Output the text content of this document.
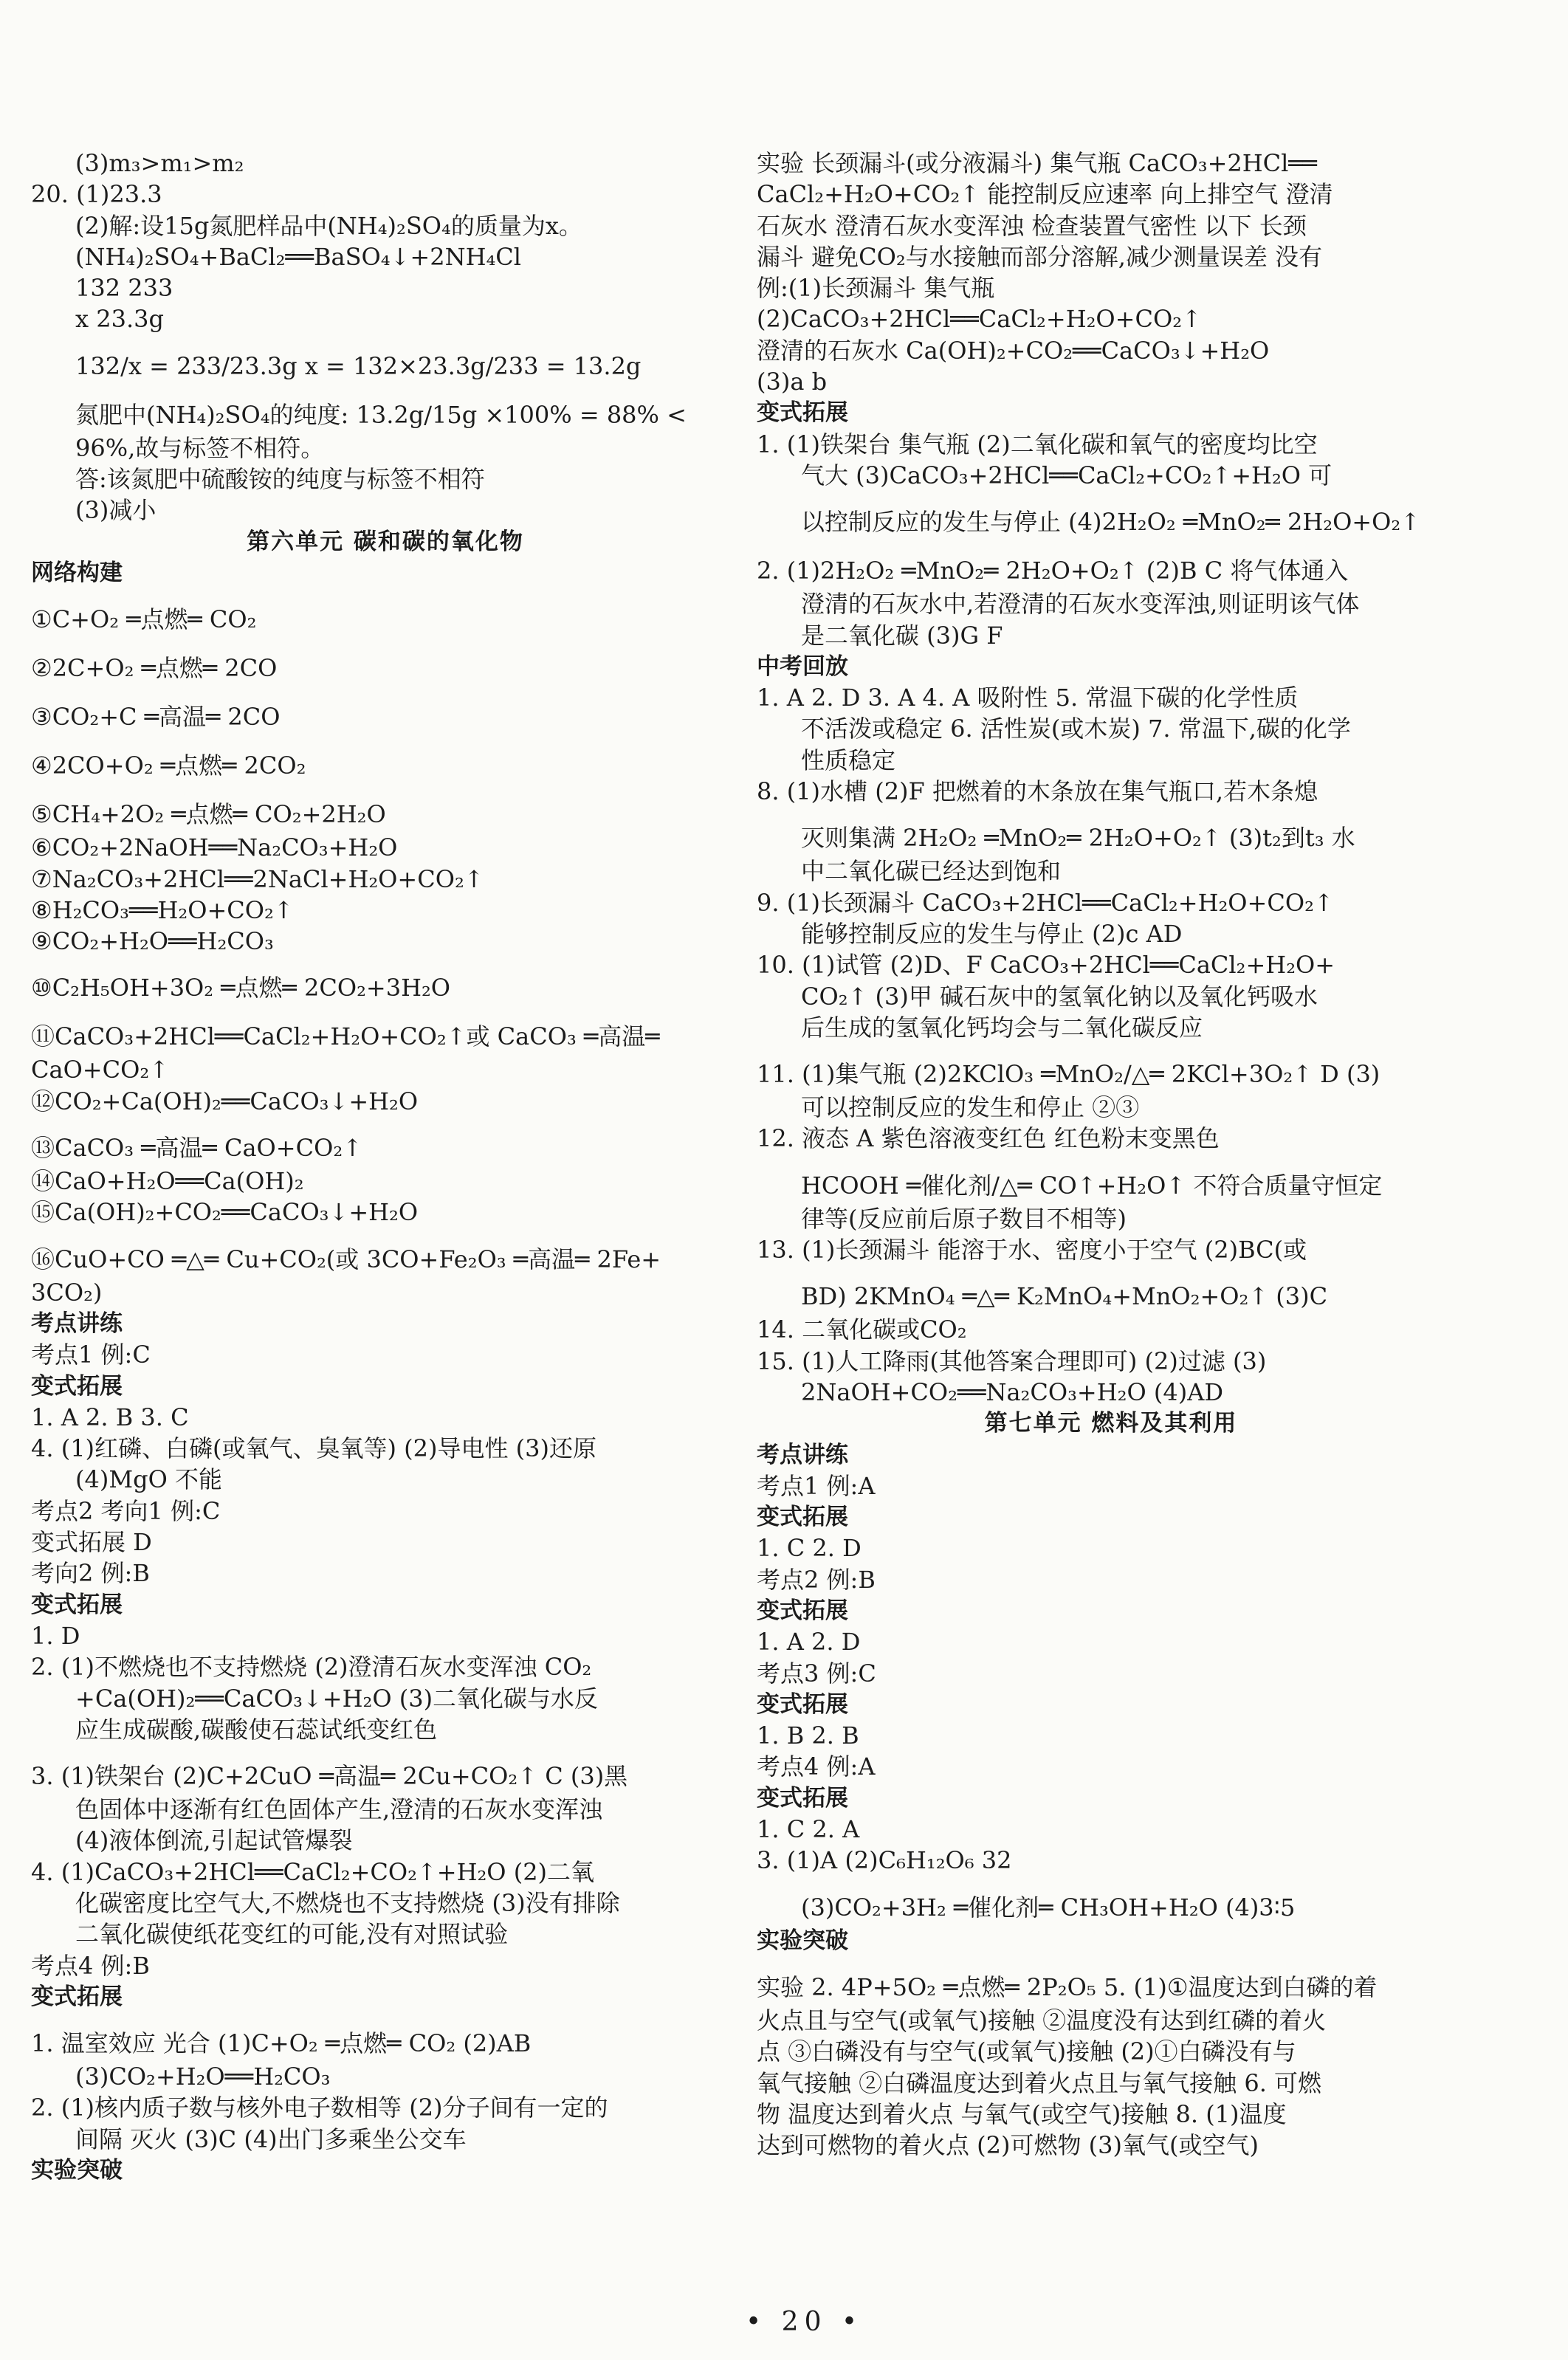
(3)m₃>m₁>m₂
20. (1)23.3
(2)解:设15g氮肥样品中(NH₄)₂SO₄的质量为x。
(NH₄)₂SO₄+BaCl₂══BaSO₄↓+2NH₄Cl
132 233
x 23.3g
132/x = 233/23.3g x = 132×23.3g/233 = 13.2g
氮肥中(NH₄)₂SO₄的纯度: 13.2g/15g ×100% = 88% <
96%,故与标签不相符。
答:该氮肥中硫酸铵的纯度与标签不相符
(3)减小
第六单元 碳和碳的氧化物
网络构建
①C+O₂ ═点燃═ CO₂
②2C+O₂ ═点燃═ 2CO
③CO₂+C ═高温═ 2CO
④2CO+O₂ ═点燃═ 2CO₂
⑤CH₄+2O₂ ═点燃═ CO₂+2H₂O
⑥CO₂+2NaOH══Na₂CO₃+H₂O
⑦Na₂CO₃+2HCl══2NaCl+H₂O+CO₂↑
⑧H₂CO₃══H₂O+CO₂↑
⑨CO₂+H₂O══H₂CO₃
⑩C₂H₅OH+3O₂ ═点燃═ 2CO₂+3H₂O
⑪CaCO₃+2HCl══CaCl₂+H₂O+CO₂↑或 CaCO₃ ═高温═
CaO+CO₂↑
⑫CO₂+Ca(OH)₂══CaCO₃↓+H₂O
⑬CaCO₃ ═高温═ CaO+CO₂↑
⑭CaO+H₂O══Ca(OH)₂
⑮Ca(OH)₂+CO₂══CaCO₃↓+H₂O
⑯CuO+CO ═△═ Cu+CO₂(或 3CO+Fe₂O₃ ═高温═ 2Fe+
3CO₂)
考点讲练
考点1 例:C
变式拓展
1. A 2. B 3. C
4. (1)红磷、白磷(或氧气、臭氧等) (2)导电性 (3)还原
(4)MgO 不能
考点2 考向1 例:C
变式拓展 D
考向2 例:B
变式拓展
1. D
2. (1)不燃烧也不支持燃烧 (2)澄清石灰水变浑浊 CO₂
+Ca(OH)₂══CaCO₃↓+H₂O (3)二氧化碳与水反
应生成碳酸,碳酸使石蕊试纸变红色
3. (1)铁架台 (2)C+2CuO ═高温═ 2Cu+CO₂↑ C (3)黑
色固体中逐渐有红色固体产生,澄清的石灰水变浑浊
(4)液体倒流,引起试管爆裂
4. (1)CaCO₃+2HCl══CaCl₂+CO₂↑+H₂O (2)二氧
化碳密度比空气大,不燃烧也不支持燃烧 (3)没有排除
二氧化碳使纸花变红的可能,没有对照试验
考点4 例:B
变式拓展
1. 温室效应 光合 (1)C+O₂ ═点燃═ CO₂ (2)AB
(3)CO₂+H₂O══H₂CO₃
2. (1)核内质子数与核外电子数相等 (2)分子间有一定的
间隔 灭火 (3)C (4)出门多乘坐公交车
实验突破
实验 长颈漏斗(或分液漏斗) 集气瓶 CaCO₃+2HCl══
CaCl₂+H₂O+CO₂↑ 能控制反应速率 向上排空气 澄清
石灰水 澄清石灰水变浑浊 检查装置气密性 以下 长颈
漏斗 避免CO₂与水接触而部分溶解,减少测量误差 没有
例:(1)长颈漏斗 集气瓶
(2)CaCO₃+2HCl══CaCl₂+H₂O+CO₂↑
澄清的石灰水 Ca(OH)₂+CO₂══CaCO₃↓+H₂O
(3)a b
变式拓展
1. (1)铁架台 集气瓶 (2)二氧化碳和氧气的密度均比空
气大 (3)CaCO₃+2HCl══CaCl₂+CO₂↑+H₂O 可
以控制反应的发生与停止 (4)2H₂O₂ ═MnO₂═ 2H₂O+O₂↑
2. (1)2H₂O₂ ═MnO₂═ 2H₂O+O₂↑ (2)B C 将气体通入
澄清的石灰水中,若澄清的石灰水变浑浊,则证明该气体
是二氧化碳 (3)G F
中考回放
1. A 2. D 3. A 4. A 吸附性 5. 常温下碳的化学性质
不活泼或稳定 6. 活性炭(或木炭) 7. 常温下,碳的化学
性质稳定
8. (1)水槽 (2)F 把燃着的木条放在集气瓶口,若木条熄
灭则集满 2H₂O₂ ═MnO₂═ 2H₂O+O₂↑ (3)t₂到t₃ 水
中二氧化碳已经达到饱和
9. (1)长颈漏斗 CaCO₃+2HCl══CaCl₂+H₂O+CO₂↑
能够控制反应的发生与停止 (2)c AD
10. (1)试管 (2)D、F CaCO₃+2HCl══CaCl₂+H₂O+
CO₂↑ (3)甲 碱石灰中的氢氧化钠以及氧化钙吸水
后生成的氢氧化钙均会与二氧化碳反应
11. (1)集气瓶 (2)2KClO₃ ═MnO₂/△═ 2KCl+3O₂↑ D (3)
可以控制反应的发生和停止 ②③
12. 液态 A 紫色溶液变红色 红色粉末变黑色
HCOOH ═催化剂/△═ CO↑+H₂O↑ 不符合质量守恒定
律等(反应前后原子数目不相等)
13. (1)长颈漏斗 能溶于水、密度小于空气 (2)BC(或
BD) 2KMnO₄ ═△═ K₂MnO₄+MnO₂+O₂↑ (3)C
14. 二氧化碳或CO₂
15. (1)人工降雨(其他答案合理即可) (2)过滤 (3)
2NaOH+CO₂══Na₂CO₃+H₂O (4)AD
第七单元 燃料及其利用
考点讲练
考点1 例:A
变式拓展
1. C 2. D
考点2 例:B
变式拓展
1. A 2. D
考点3 例:C
变式拓展
1. B 2. B
考点4 例:A
变式拓展
1. C 2. A
3. (1)A (2)C₆H₁₂O₆ 32
(3)CO₂+3H₂ ═催化剂═ CH₃OH+H₂O (4)3∶5
实验突破
实验 2. 4P+5O₂ ═点燃═ 2P₂O₅ 5. (1)①温度达到白磷的着
火点且与空气(或氧气)接触 ②温度没有达到红磷的着火
点 ③白磷没有与空气(或氧气)接触 (2)①白磷没有与
氧气接触 ②白磷温度达到着火点且与氧气接触 6. 可燃
物 温度达到着火点 与氧气(或空气)接触 8. (1)温度
达到可燃物的着火点 (2)可燃物 (3)氧气(或空气)
• 20 •
